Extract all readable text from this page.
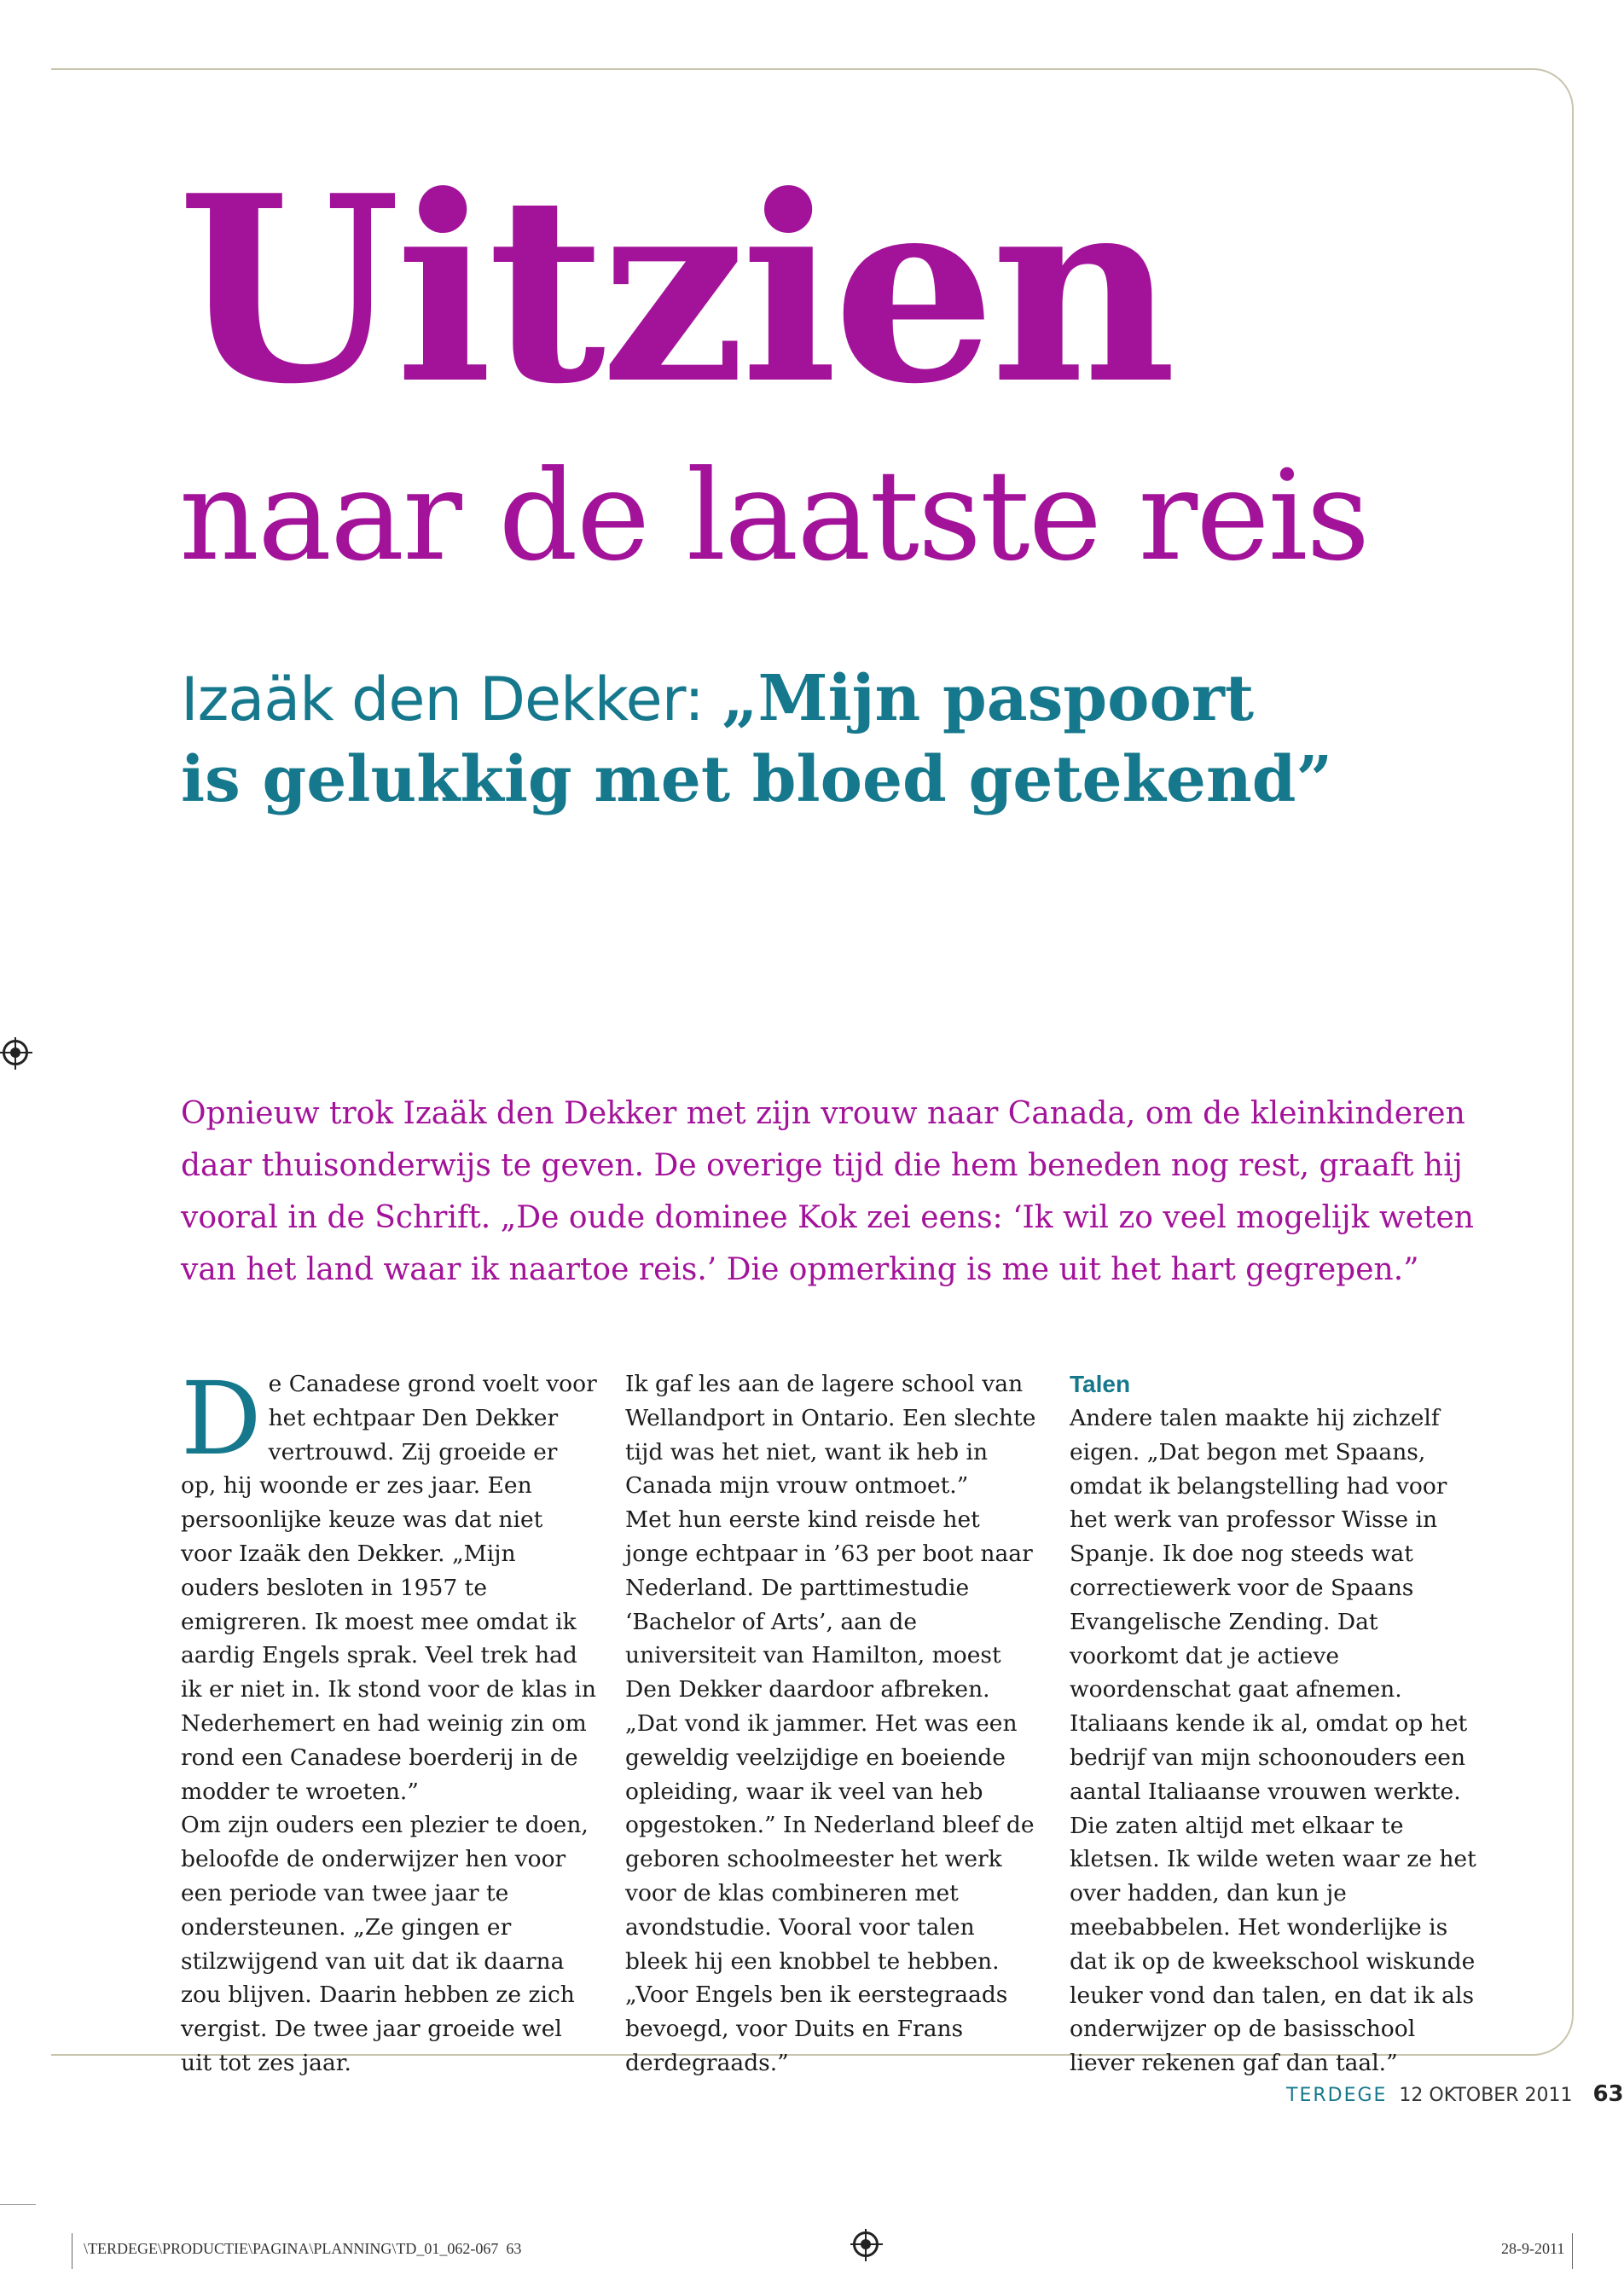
Uitzien
naar de laatste reis

Izaäk den Dekker: „Mijn paspoort
is gelukkig met bloed getekend”

Opnieuw trok Izaäk den Dekker met zijn vrouw naar Canada, om de kleinkinderen daar thuisonderwijs te geven. De overige tijd die hem beneden nog rest, graaft hij vooral in de Schrift. „De oude dominee Kok zei eens: ‘Ik wil zo veel mogelijk weten van het land waar ik naartoe reis.’ Die opmerking is me uit het hart gegrepen.”

De Canadese grond voelt voor het echtpaar Den Dekker vertrouwd. Zij groeide er op, hij woonde er zes jaar. Een persoonlijke keuze was dat niet voor Izaäk den Dekker. „Mijn ouders besloten in 1957 te emigreren. Ik moest mee omdat ik aardig Engels sprak. Veel trek had ik er niet in. Ik stond voor de klas in Nederhemert en had weinig zin om rond een Canadese boerderij in de modder te wroeten.”

Om zijn ouders een plezier te doen, beloofde de onderwijzer hen voor een periode van twee jaar te ondersteunen. „Ze gingen er stilzwijgend van uit dat ik daarna zou blijven. Daarin hebben ze zich vergist. De twee jaar groeide wel uit tot zes jaar.

Ik gaf les aan de lagere school van Wellandport in Ontario. Een slechte tijd was het niet, want ik heb in Canada mijn vrouw ontmoet.”

Met hun eerste kind reisde het jonge echtpaar in ’63 per boot naar Nederland. De parttimestudie ‘Bachelor of Arts’, aan de universiteit van Hamilton, moest Den Dekker daardoor afbreken. „Dat vond ik jammer. Het was een geweldig veelzijdige en boeiende opleiding, waar ik veel van heb opgestoken.” In Nederland bleef de geboren schoolmeester het werk voor de klas combineren met avondstudie. Vooral voor talen bleek hij een knobbel te hebben. „Voor Engels ben ik eerstegraads bevoegd, voor Duits en Frans derdegraads.”

Talen

Andere talen maakte hij zichzelf eigen. „Dat begon met Spaans, omdat ik belangstelling had voor het werk van professor Wisse in Spanje. Ik doe nog steeds wat correctiewerk voor de Spaans Evangelische Zending. Dat voorkomt dat je actieve woordenschat gaat afnemen.

Italiaans kende ik al, omdat op het bedrijf van mijn schoonouders een aantal Italiaanse vrouwen werkte. Die zaten altijd met elkaar te kletsen. Ik wilde weten waar ze het over hadden, dan kun je meebabbelen. Het wonderlijke is dat ik op de kweekschool wiskunde leuker vond dan talen, en dat ik als onderwijzer op de basisschool liever rekenen gaf dan taal.”

TERDEGE 12 OKTOBER 2011 63
\TERDEGE\PRODUCTIE\PAGINA\PLANNING\TD_01_062-067 63	28-9-2011
